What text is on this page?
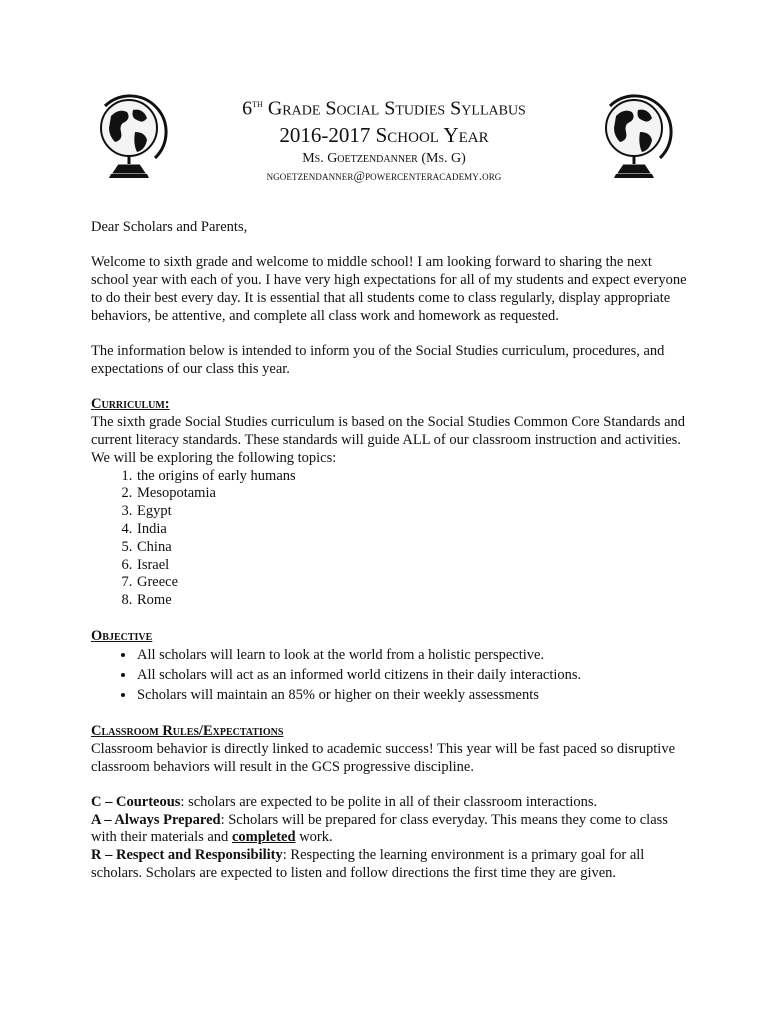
6th Grade Social Studies Syllabus
2016-2017 School Year
Ms. Goetzendanner (Ms. G)
ngoetzendanner@powercenteracademy.org

Dear Scholars and Parents,

Welcome to sixth grade and welcome to middle school! I am looking forward to sharing the next school year with each of you. I have very high expectations for all of my students and expect everyone to do their best every day. It is essential that all students come to class regularly, display appropriate behaviors, be attentive, and complete all class work and homework as requested.

The information below is intended to inform you of the Social Studies curriculum, procedures, and expectations of our class this year.

Curriculum:

The sixth grade Social Studies curriculum is based on the Social Studies Common Core Standards and current literacy standards. These standards will guide ALL of our classroom instruction and activities. We will be exploring the following topics:

1. the origins of early humans
2. Mesopotamia
3. Egypt
4. India
5. China
6. Israel
7. Greece
8. Rome

Objective

• All scholars will learn to look at the world from a holistic perspective.
• All scholars will act as an informed world citizens in their daily interactions.
• Scholars will maintain an 85% or higher on their weekly assessments

Classroom Rules/Expectations

Classroom behavior is directly linked to academic success! This year will be fast paced so disruptive classroom behaviors will result in the GCS progressive discipline.

C – Courteous: scholars are expected to be polite in all of their classroom interactions.

A – Always Prepared: Scholars will be prepared for class everyday. This means they come to class with their materials and completed work.

R – Respect and Responsibility: Respecting the learning environment is a primary goal for all scholars. Scholars are expected to listen and follow directions the first time they are given.
